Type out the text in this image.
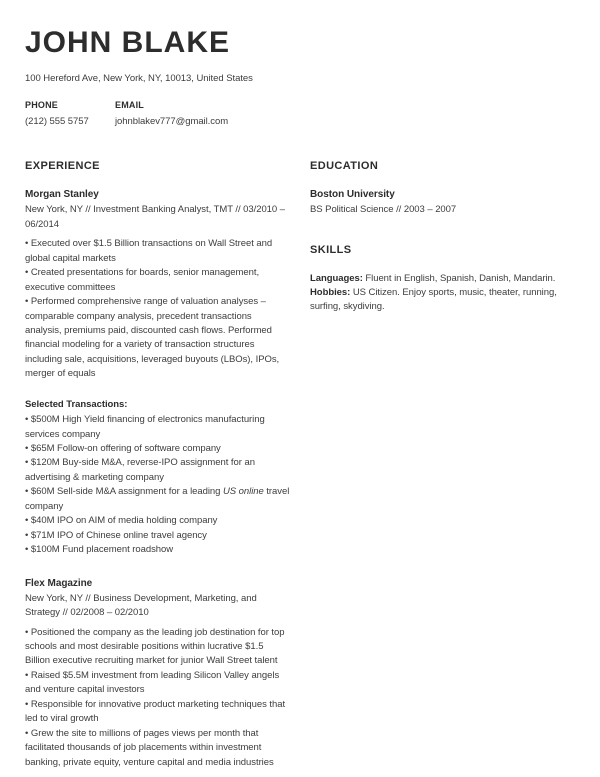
JOHN BLAKE
100 Hereford Ave, New York, NY, 10013, United States
PHONE
(212) 555 5757
EMAIL
johnblakev777@gmail.com
EXPERIENCE
Morgan Stanley
New York, NY // Investment Banking Analyst, TMT // 03/2010 – 06/2014
• Executed over $1.5 Billion transactions on Wall Street and global capital markets
• Created presentations for boards, senior management, executive committees
• Performed comprehensive range of valuation analyses – comparable company analysis, precedent transactions analysis, premiums paid, discounted cash flows. Performed financial modeling for a variety of transaction structures including sale, acquisitions, leveraged buyouts (LBOs), IPOs, merger of equals
Selected Transactions:
• $500M High Yield financing of electronics manufacturing services company
• $65M Follow-on offering of software company
• $120M Buy-side M&A, reverse-IPO assignment for an advertising & marketing company
• $60M Sell-side M&A assignment for a leading US online travel company
• $40M IPO on AIM of media holding company
• $71M IPO of Chinese online travel agency
• $100M Fund placement roadshow
Flex Magazine
New York, NY // Business Development, Marketing, and Strategy // 02/2008 – 02/2010
• Positioned the company as the leading job destination for top schools and most desirable positions within lucrative $1.5 Billion executive recruiting market for junior Wall Street talent
• Raised $5.5M investment from leading Silicon Valley angels and venture capital investors
• Responsible for innovative product marketing techniques that led to viral growth
• Grew the site to millions of pages views per month that facilitated thousands of job placements within investment banking, private equity, venture capital and media industries
EDUCATION
Boston University
BS Political Science // 2003 – 2007
SKILLS
Languages: Fluent in English, Spanish, Danish, Mandarin.
Hobbies: US Citizen. Enjoy sports, music, theater, running, surfing, skydiving.
